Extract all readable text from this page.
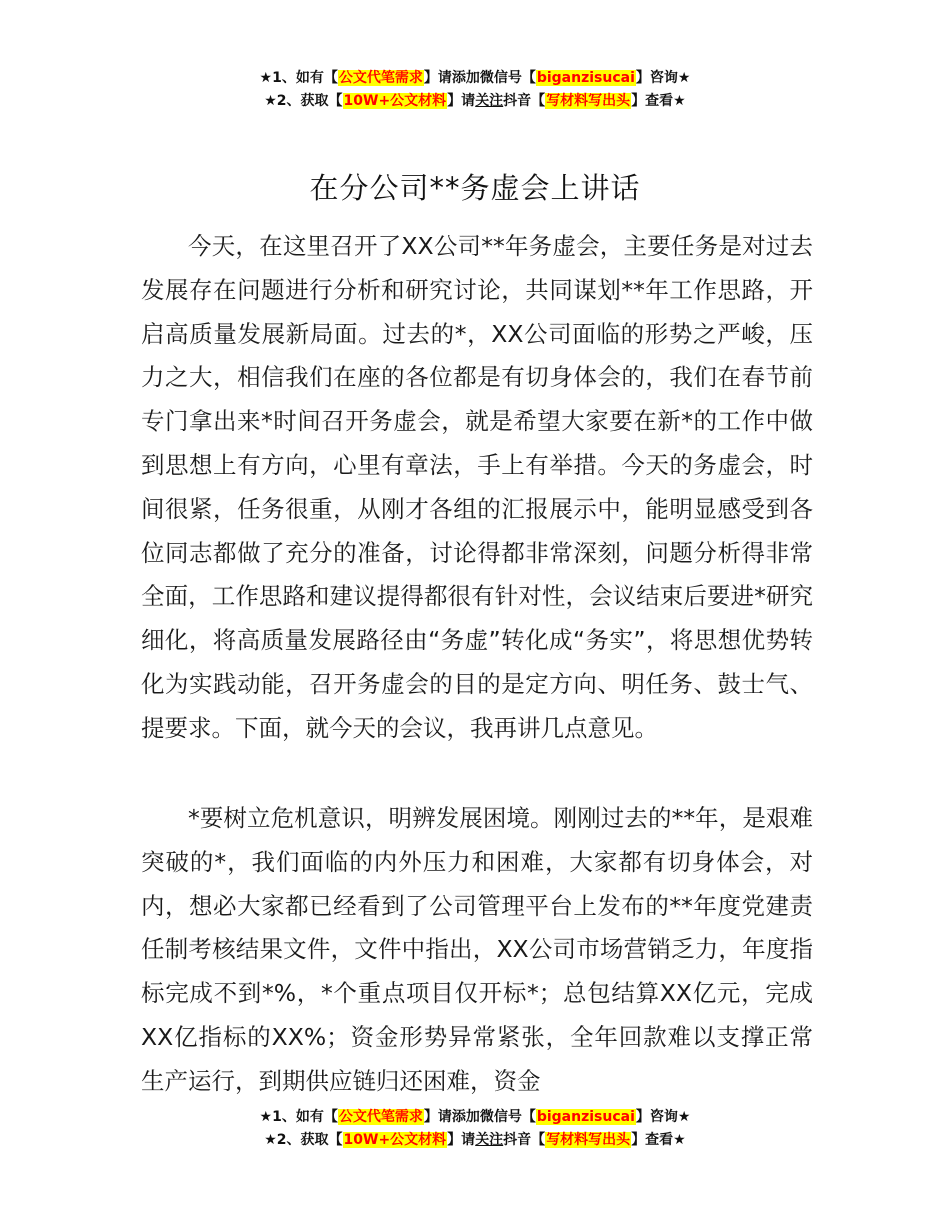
★1、如有【公文代笔需求】请添加微信号【biganzisucai】咨询★
★2、获取【10W+公文材料】请关注抖音【写材料写出头】查看★
在分公司**务虚会上讲话

今天，在这里召开了XX公司**年务虚会，主要任务是对过去发展存在问题进行分析和研究讨论，共同谋划**年工作思路，开启高质量发展新局面。过去的*，XX公司面临的形势之严峻，压力之大，相信我们在座的各位都是有切身体会的，我们在春节前专门拿出来*时间召开务虚会，就是希望大家要在新*的工作中做到思想上有方向，心里有章法，手上有举措。今天的务虚会，时间很紧，任务很重，从刚才各组的汇报展示中，能明显感受到各位同志都做了充分的准备，讨论得都非常深刻，问题分析得非常全面，工作思路和建议提得都很有针对性，会议结束后要进*研究细化，将高质量发展路径由“务虚”转化成“务实”，将思想优势转化为实践动能，召开务虚会的目的是定方向、明任务、鼓士气、提要求。下面，就今天的会议，我再讲几点意见。

*要树立危机意识，明辨发展困境。刚刚过去的**年，是艰难突破的*，我们面临的内外压力和困难，大家都有切身体会，对内，想必大家都已经看到了公司管理平台上发布的**年度党建责任制考核结果文件，文件中指出，XX公司市场营销乏力，年度指标完成不到*%，*个重点项目仅开标*；总包结算XX亿元，完成XX亿指标的XX%；资金形势异常紧张，全年回款难以支撑正常生产运行，到期供应链归还困难，资金

★1、如有【公文代笔需求】请添加微信号【biganzisucai】咨询★
★2、获取【10W+公文材料】请关注抖音【写材料写出头】查看★
